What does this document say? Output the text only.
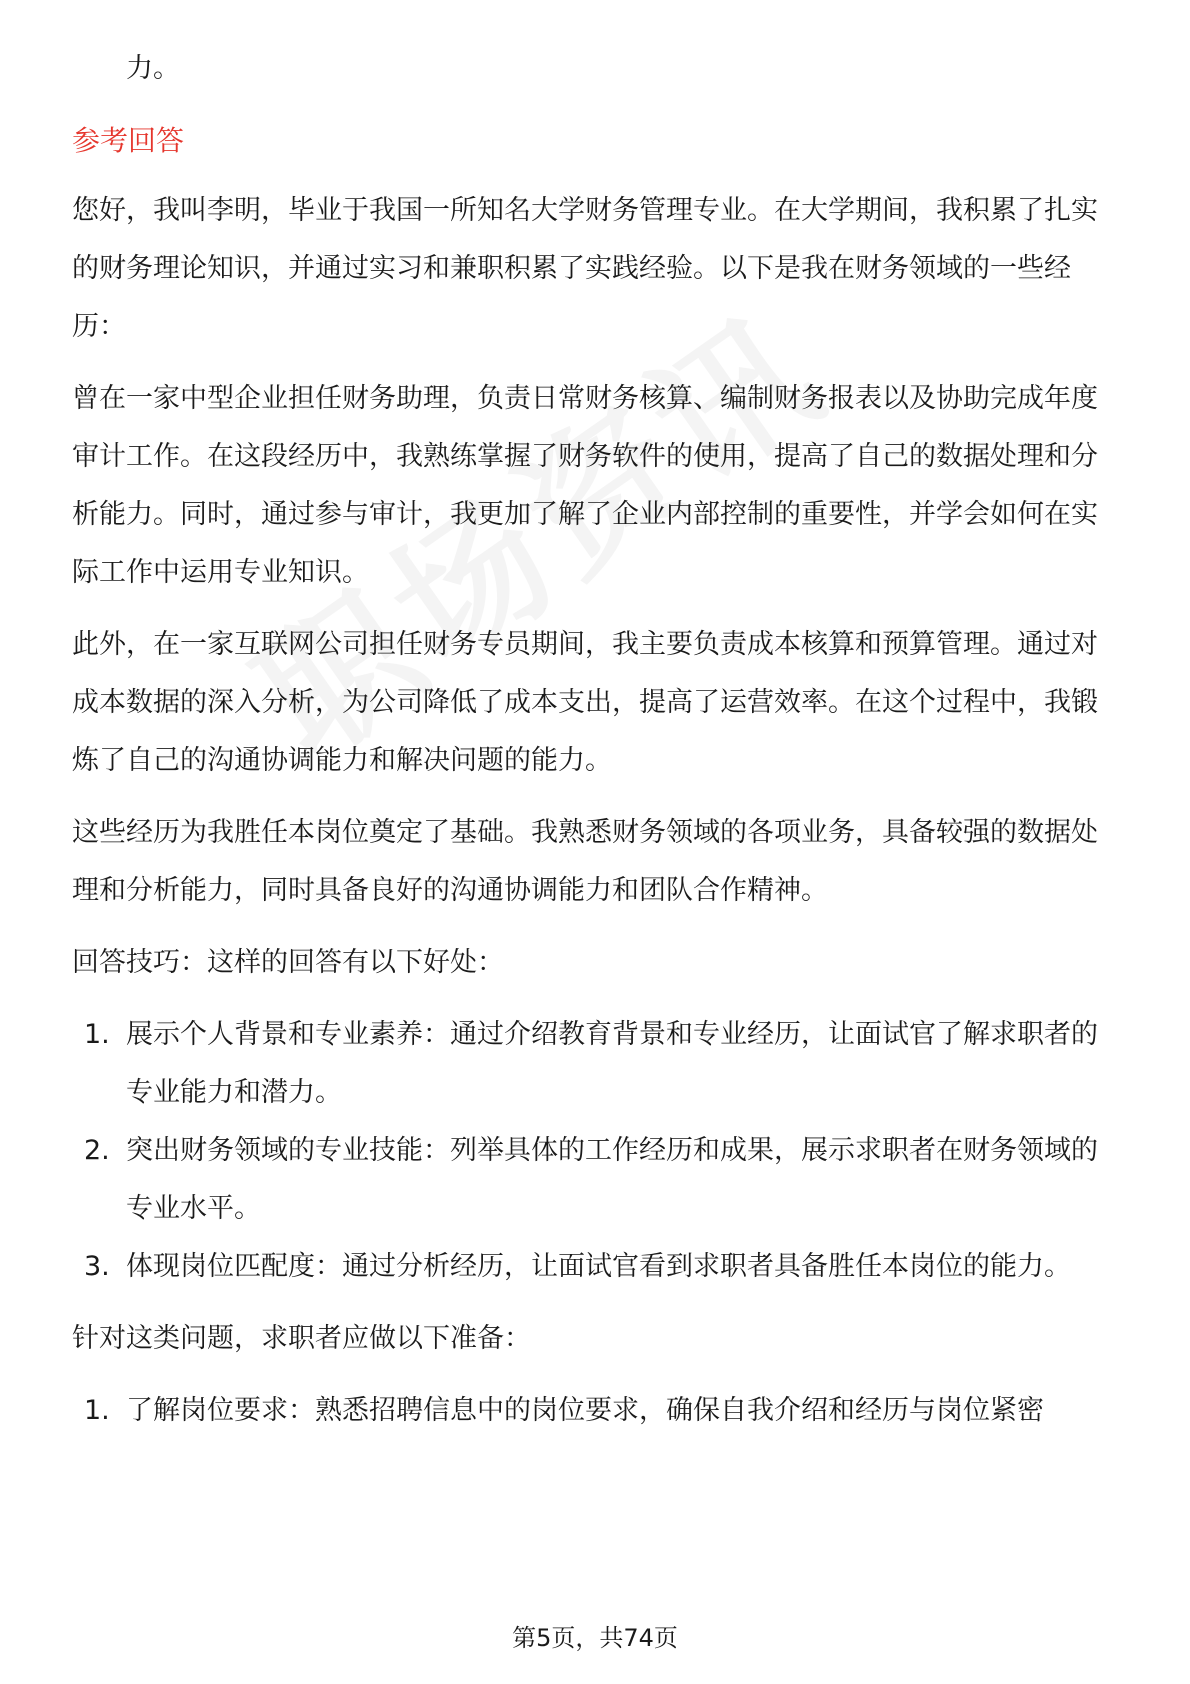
力。
参考回答

您好，我叫李明，毕业于我国一所知名大学财务管理专业。在大学期间，我积累了扎实的财务理论知识，并通过实习和兼职积累了实践经验。以下是我在财务领域的一些经历：

曾在一家中型企业担任财务助理，负责日常财务核算、编制财务报表以及协助完成年度审计工作。在这段经历中，我熟练掌握了财务软件的使用，提高了自己的数据处理和分析能力。同时，通过参与审计，我更加了解了企业内部控制的重要性，并学会如何在实际工作中运用专业知识。

此外，在一家互联网公司担任财务专员期间，我主要负责成本核算和预算管理。通过对成本数据的深入分析，为公司降低了成本支出，提高了运营效率。在这个过程中，我锻炼了自己的沟通协调能力和解决问题的能力。

这些经历为我胜任本岗位奠定了基础。我熟悉财务领域的各项业务，具备较强的数据处理和分析能力，同时具备良好的沟通协调能力和团队合作精神。

回答技巧：这样的回答有以下好处：

1. 展示个人背景和专业素养：通过介绍教育背景和专业经历，让面试官了解求职者的专业能力和潜力。
2. 突出财务领域的专业技能：列举具体的工作经历和成果，展示求职者在财务领域的专业水平。
3. 体现岗位匹配度：通过分析经历，让面试官看到求职者具备胜任本岗位的能力。

针对这类问题，求职者应做以下准备：

1. 了解岗位要求：熟悉招聘信息中的岗位要求，确保自我介绍和经历与岗位紧密
第5页，共74页
